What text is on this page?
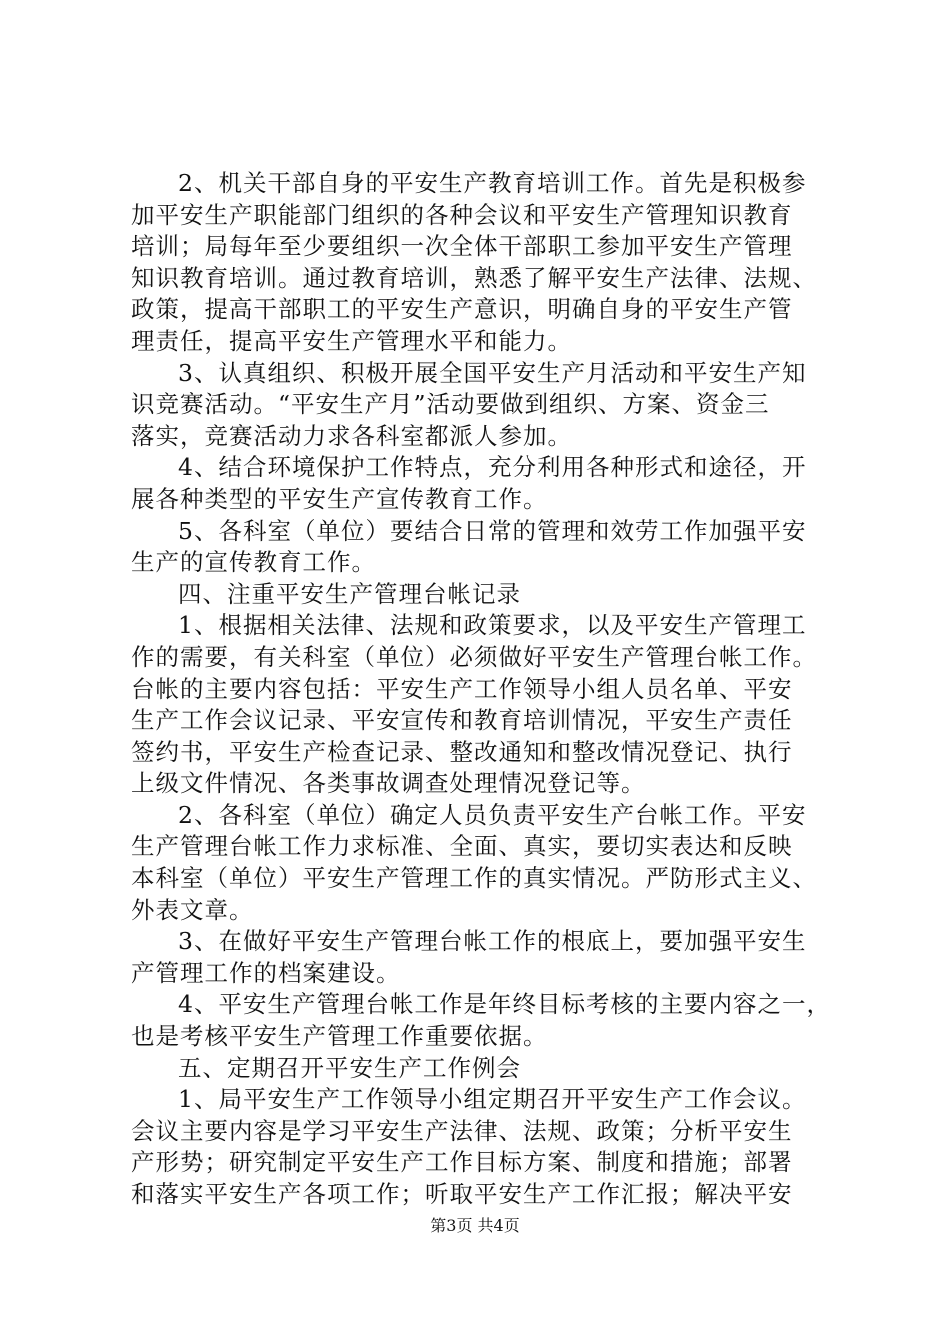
2、机关干部自身的平安生产教育培训工作。首先是积极参
加平安生产职能部门组织的各种会议和平安生产管理知识教育
培训；局每年至少要组织一次全体干部职工参加平安生产管理
知识教育培训。通过教育培训，熟悉了解平安生产法律、法规、
政策，提高干部职工的平安生产意识，明确自身的平安生产管
理责任，提高平安生产管理水平和能力。
3、认真组织、积极开展全国平安生产月活动和平安生产知
识竞赛活动。“平安生产月”活动要做到组织、方案、资金三
落实，竞赛活动力求各科室都派人参加。
4、结合环境保护工作特点，充分利用各种形式和途径，开
展各种类型的平安生产宣传教育工作。
5、各科室（单位）要结合日常的管理和效劳工作加强平安
生产的宣传教育工作。
四、注重平安生产管理台帐记录
1、根据相关法律、法规和政策要求，以及平安生产管理工
作的需要，有关科室（单位）必须做好平安生产管理台帐工作。
台帐的主要内容包括：平安生产工作领导小组人员名单、平安
生产工作会议记录、平安宣传和教育培训情况，平安生产责任
签约书，平安生产检查记录、整改通知和整改情况登记、执行
上级文件情况、各类事故调查处理情况登记等。
2、各科室（单位）确定人员负责平安生产台帐工作。平安
生产管理台帐工作力求标准、全面、真实，要切实表达和反映
本科室（单位）平安生产管理工作的真实情况。严防形式主义、
外表文章。
3、在做好平安生产管理台帐工作的根底上，要加强平安生
产管理工作的档案建设。
4、平安生产管理台帐工作是年终目标考核的主要内容之一，
也是考核平安生产管理工作重要依据。
五、定期召开平安生产工作例会
1、局平安生产工作领导小组定期召开平安生产工作会议。
会议主要内容是学习平安生产法律、法规、政策；分析平安生
产形势；研究制定平安生产工作目标方案、制度和措施；部署
和落实平安生产各项工作；听取平安生产工作汇报；解决平安
第3页 共4页
